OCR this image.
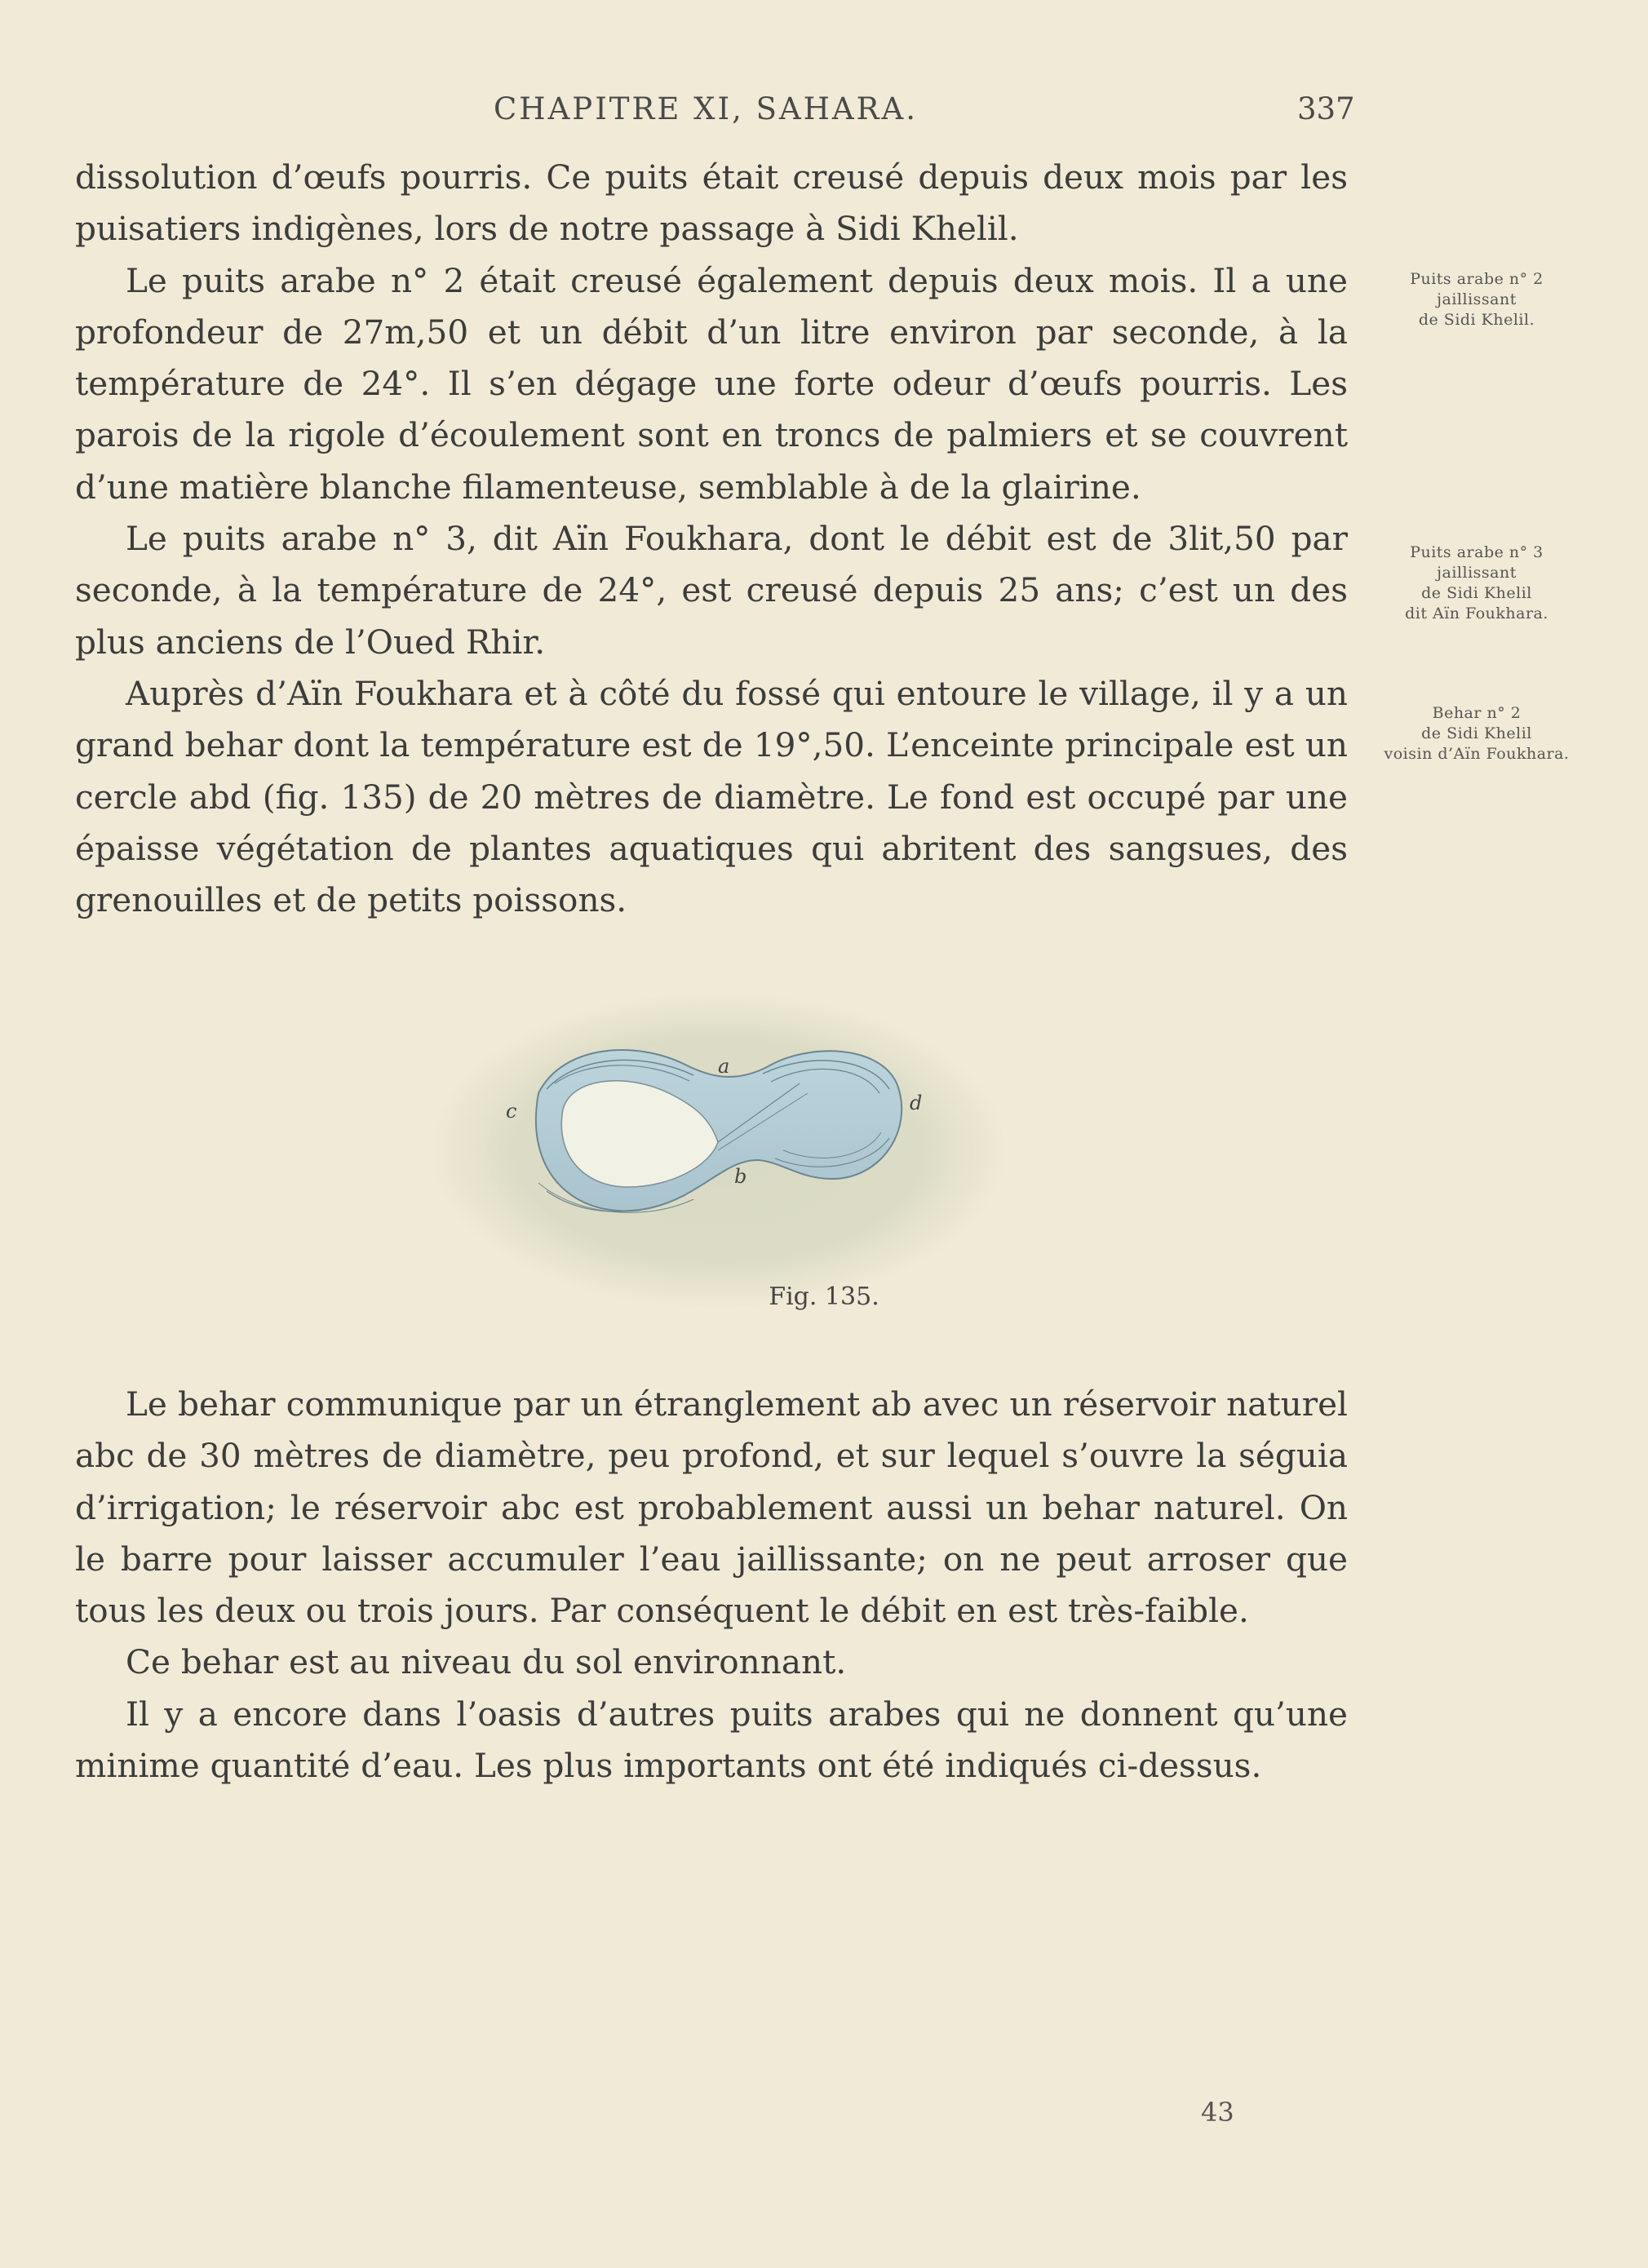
CHAPITRE XI, SAHARA.	337

dissolution d’œufs pourris. Ce puits était creusé depuis deux mois par les puisatiers indigènes, lors de notre passage à Sidi Khelil.

Le puits arabe n° 2 était creusé également depuis deux mois. Il a une profondeur de 27m,50 et un débit d’un litre environ par seconde, à la température de 24°. Il s’en dégage une forte odeur d’œufs pourris. Les parois de la rigole d’écoulement sont en troncs de palmiers et se couvrent d’une matière blanche filamenteuse, semblable à de la glairine.

Le puits arabe n° 3, dit Aïn Foukhara, dont le débit est de 3lit,50 par seconde, à la température de 24°, est creusé depuis 25 ans; c’est un des plus anciens de l’Oued Rhir.

Auprès d’Aïn Foukhara et à côté du fossé qui entoure le village, il y a un grand behar dont la température est de 19°,50. L’enceinte principale est un cercle abd (fig. 135) de 20 mètres de diamètre. Le fond est occupé par une épaisse végétation de plantes aquatiques qui abritent des sangsues, des grenouilles et de petits poissons.

Puits arabe n° 2
jaillissant
de Sidi Khelil.
Puits arabe n° 3
jaillissant
de Sidi Khelil
dit Aïn Foukhara.
Behar n° 2
de Sidi Khelil
voisin d’Aïn Foukhara.
a
b
c	d
Fig. 135.

Le behar communique par un étranglement ab avec un réservoir naturel abc de 30 mètres de diamètre, peu profond, et sur lequel s’ouvre la séguia d’irrigation; le réservoir abc est probablement aussi un behar naturel. On le barre pour laisser accumuler l’eau jaillissante; on ne peut arroser que tous les deux ou trois jours. Par conséquent le débit en est très-faible.

Ce behar est au niveau du sol environnant.

Il y a encore dans l’oasis d’autres puits arabes qui ne donnent qu’une minime quantité d’eau. Les plus importants ont été indiqués ci-dessus.

43
